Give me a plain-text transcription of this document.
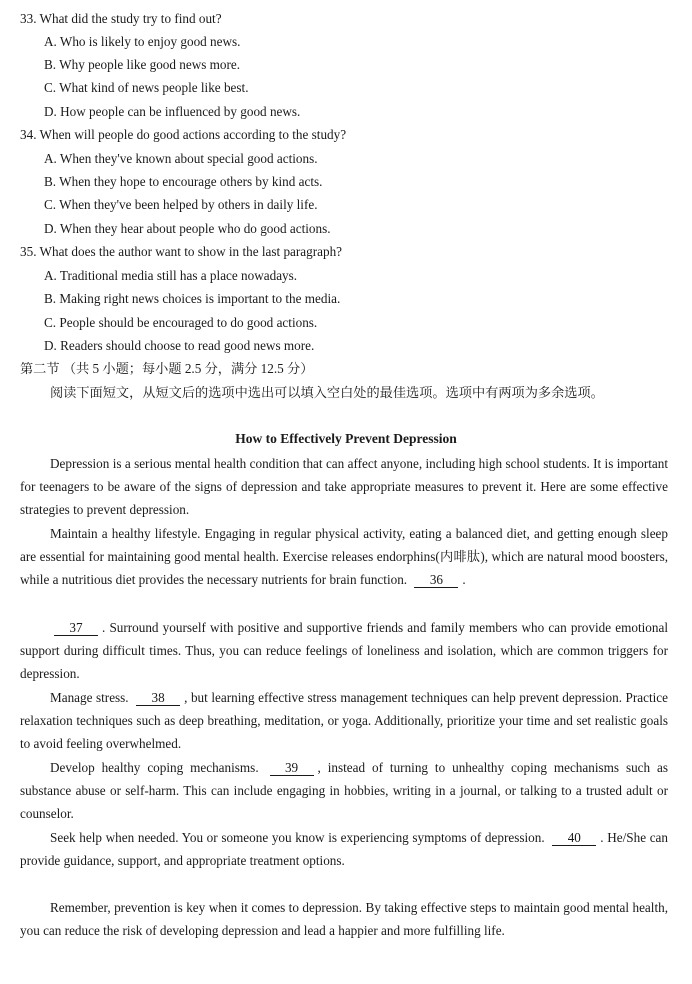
33. What did the study try to find out?
A. Who is likely to enjoy good news.
B. Why people like good news more.
C. What kind of news people like best.
D. How people can be influenced by good news.
34. When will people do good actions according to the study?
A. When they've known about special good actions.
B. When they hope to encourage others by kind acts.
C. When they've been helped by others in daily life.
D. When they hear about people who do good actions.
35. What does the author want to show in the last paragraph?
A. Traditional media still has a place nowadays.
B. Making right news choices is important to the media.
C. People should be encouraged to do good actions.
D. Readers should choose to read good news more.
第二节 （共 5 小题；每小题 2.5 分，满分 12.5 分）

阅读下面短文，从短文后的选项中选出可以填入空白处的最佳选项。选项中有两项为多余选项。

How to Effectively Prevent Depression

Depression is a serious mental health condition that can affect anyone, including high school students. It is important for teenagers to be aware of the signs of depression and take appropriate measures to prevent it. Here are some effective strategies to prevent depression.

Maintain a healthy lifestyle. Engaging in regular physical activity, eating a balanced diet, and getting enough sleep are essential for maintaining good mental health. Exercise releases endorphins(内啡肽), which are natural mood boosters, while a nutritious diet provides the necessary nutrients for brain function. 36 .

37 . Surround yourself with positive and supportive friends and family members who can provide emotional support during difficult times. Thus, you can reduce feelings of loneliness and isolation, which are common triggers for depression.

Manage stress. 38 , but learning effective stress management techniques can help prevent depression. Practice relaxation techniques such as deep breathing, meditation, or yoga. Additionally, prioritize your time and set realistic goals to avoid feeling overwhelmed.

Develop healthy coping mechanisms. 39 , instead of turning to unhealthy coping mechanisms such as substance abuse or self-harm. This can include engaging in hobbies, writing in a journal, or talking to a trusted adult or counselor.

Seek help when needed. You or someone you know is experiencing symptoms of depression. 40 . He/She can provide guidance, support, and appropriate treatment options.

Remember, prevention is key when it comes to depression. By taking effective steps to maintain good mental health, you can reduce the risk of developing depression and lead a happier and more fulfilling life.
